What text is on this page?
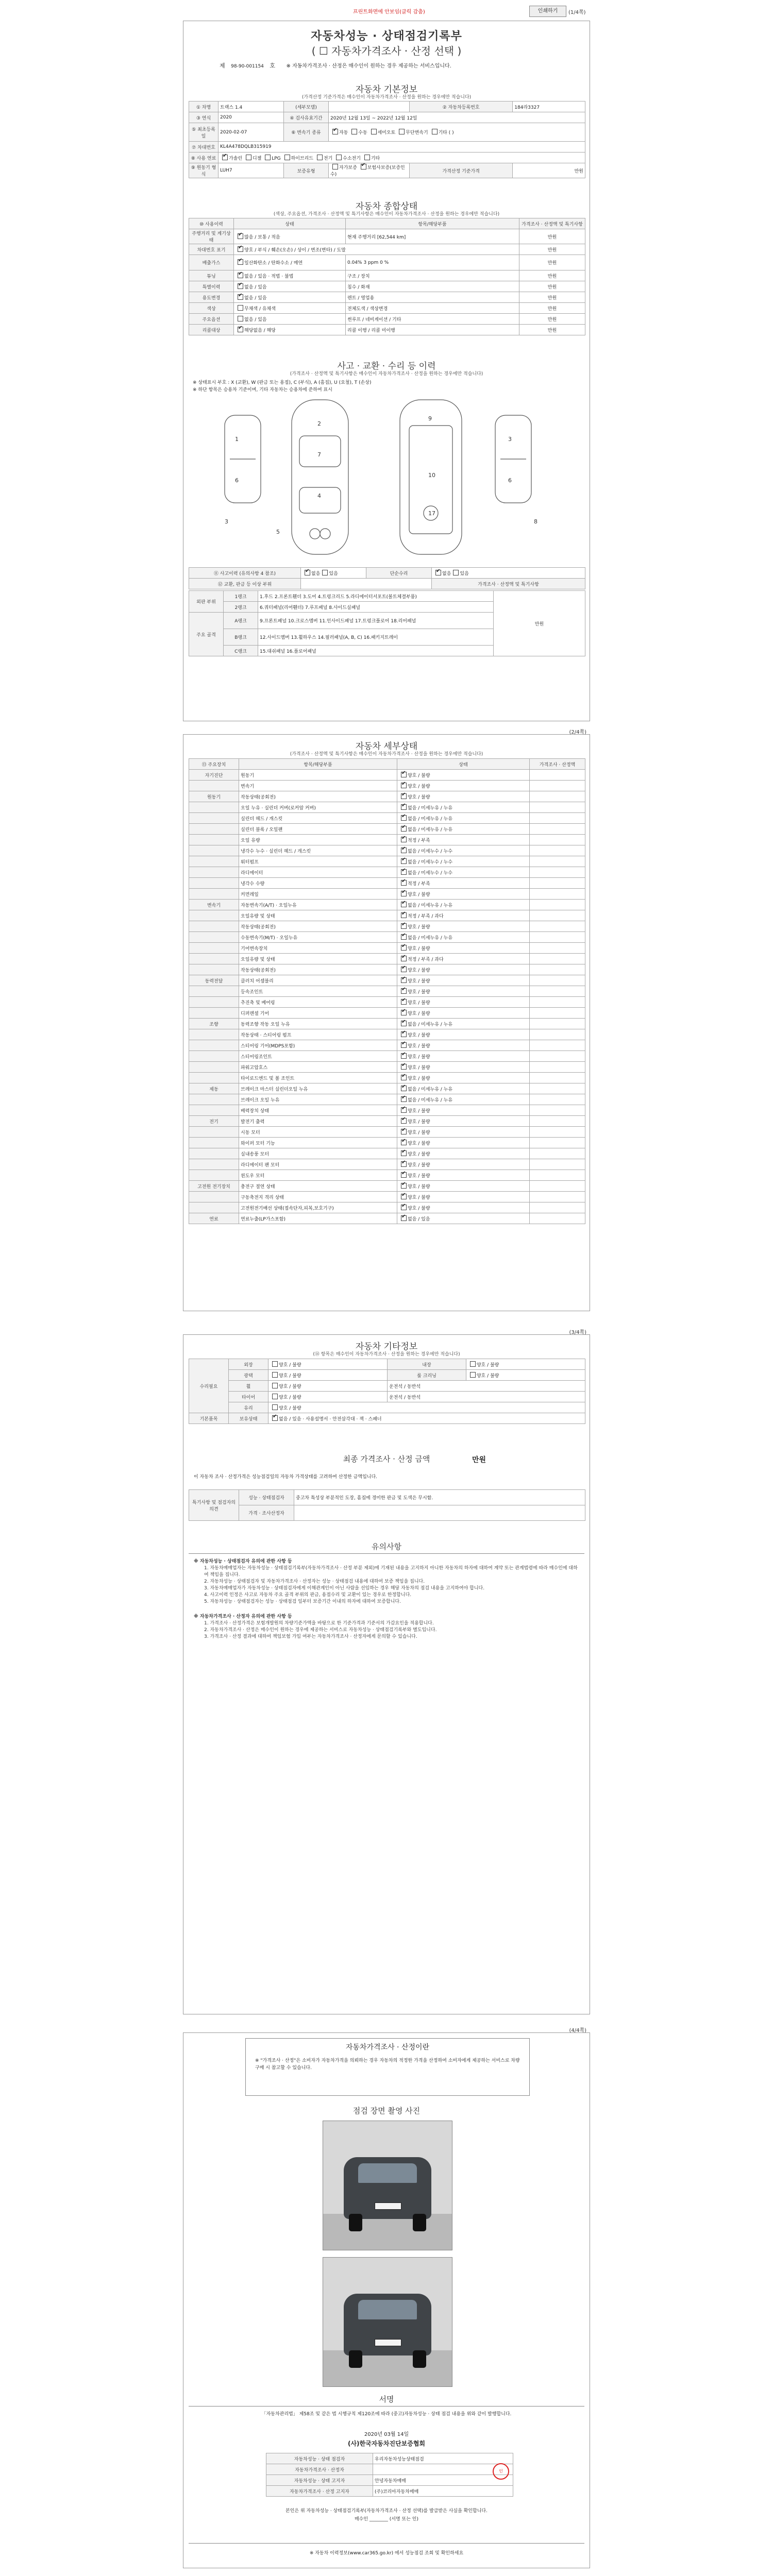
프린트화면에 안보임(클릭 감춤)	인쇄하기	(1/4쪽)
자동차성능 · 상태점검기록부
( ☐ 자동차가격조사 · 산정 선택 )
제 98-90-001154 호 ※ 자동차가격조사 · 산정은 매수인이 원하는 경우 제공하는 서비스입니다.
자동차 기본정보
(가격산정 기준가격은 매수인이 자동차가격조사 · 산정을 원하는 경우에만 적습니다)
① 차명	트랙스 1.4	(세부모델)		② 자동차등록번호	184라3327
③ 연식	2020	④ 검사유효기간	2020년 12월 13일 ~ 2022년 12월 12일		
⑤ 최초등록일	2020-02-07	⑥ 변속기 종류	✔자동 수동 세미오토 무단변속기 기타 ( )
⑦ 차대번호	KL4A478DQLB315919				
⑧ 사용 연료	✔가솔린 디젤 LPG 하이브리드 전기 수소전기 기타
⑨ 원동기 형식	LUH7	보증유형	자가보증 ✔ 보험사보증(보증인수)	가격산정 기준가격	만원
자동차 종합상태
(색상, 주요옵션, 가격조사 · 산정액 및 특기사항은 매수인이 자동차가격조사 · 산정을 원하는 경우에만 적습니다)
⑩ 사용이력	상태	항목/해당부품	가격조사 · 산정액 및 특기사항
주행거리 및 계기상태	✔많음 / 보통 / 적음	현재 주행거리 [62,544 km]	만원
차대번호 표기	✔양호 / 부식 / 훼손(오손) / 상이 / 변조(변타) / 도말		만원
배출가스	✔일산화탄소 / 탄화수소 / 매연	0.04% 3 ppm 0 %	만원
튜닝	✔없음 / 있음 · 적법 · 불법	구조 / 장치	만원
특별이력	✔없음 / 있음	침수 / 화재	만원
용도변경	✔없음 / 있음	렌트 / 영업용	만원
색상	무채색 / 유채색	전체도색 / 색상변경	만원
주요옵션	없음 / 있음	썬루프 / 네비게이션 / 기타	만원
리콜대상	✔해당없음 / 해당	리콜 이행 / 리콜 미이행	만원
사고 · 교환 · 수리 등 이력
(가격조사 · 산정액 및 특기사항은 매수인이 자동차가격조사 · 산정을 원하는 경우에만 적습니다)
※ 상태표시 부호 : X (교환), W (판금 또는 용접), C (부식), A (흠집), U (요철), T (손상)
※ 하단 항목은 승용차 기준이며, 기타 자동차는 승용차에 준하여 표시
1
6
2
7
4
9
10
17
3
6
3
5
8
⑪ 사고이력 (유의사항 4 참조)	✔없음 있음	단순수리	✔없음 있음
⑫ 교환, 판금 등 이상 부위			가격조사 · 산정액 및 특기사항
외판 부위	1랭크	1.후드 2.프론트휀더 3.도어 4.트렁크리드 5.라디에이터서포트(볼트체결부품)	만원
	2랭크	6.쿼터패널(리어휀더) 7.루프패널 8.사이드실패널	
주요 골격	A랭크	9.프론트패널 10.크로스멤버 11.인사이드패널 17.트렁크플로어 18.리어패널	
	B랭크	12.사이드멤버 13.휠하우스 14.필러패널(A, B, C) 16.패키지트레이	
	C랭크	15.대쉬패널 16.플로어패널	
(2/4쪽)
자동차 세부상태
(가격조사 · 산정액 및 특기사항은 매수인이 자동차가격조사 · 산정을 원하는 경우에만 적습니다)
⑬ 주요장치	항목/해당부품	상태	가격조사 · 산정액
자기진단	원동기	✔양호 / 불량	
	변속기	✔양호 / 불량	
원동기	작동상태(공회전)	✔양호 / 불량	
	오일 누유 · 실린더 커버(로커암 커버)	✔없음 / 미세누유 / 누유	
	실린더 헤드 / 개스킷	✔없음 / 미세누유 / 누유	
	실린더 블록 / 오일팬	✔없음 / 미세누유 / 누유	
	오일 유량	✔적정 / 부족	
	냉각수 누수 · 실린더 헤드 / 개스킷	✔없음 / 미세누수 / 누수	
	워터펌프	✔없음 / 미세누수 / 누수	
	라디에이터	✔없음 / 미세누수 / 누수	
	냉각수 수량	✔적정 / 부족	
	커먼레일	✔양호 / 불량	
변속기	자동변속기(A/T) · 오일누유	✔없음 / 미세누유 / 누유	
	오일유량 및 상태	✔적정 / 부족 / 과다	
	작동상태(공회전)	✔양호 / 불량	
	수동변속기(M/T) · 오일누유	✔없음 / 미세누유 / 누유	
	기어변속장치	✔양호 / 불량	
	오일유량 및 상태	✔적정 / 부족 / 과다	
	작동상태(공회전)	✔양호 / 불량	
동력전달	클러치 어셈블리	✔양호 / 불량	
	등속조인트	✔양호 / 불량	
	추진축 및 베어링	✔양호 / 불량	
	디퍼렌셜 기어	✔양호 / 불량	
조향	동력조향 작동 오일 누유	✔없음 / 미세누유 / 누유	
	작동상태 · 스티어링 펌프	✔양호 / 불량	
	스티어링 기어(MDPS포함)	✔양호 / 불량	
	스티어링조인트	✔양호 / 불량	
	파워고압호스	✔양호 / 불량	
	타이로드엔드 및 볼 조인트	✔양호 / 불량	
제동	브레이크 마스터 실린더오일 누유	✔없음 / 미세누유 / 누유	
	브레이크 오일 누유	✔없음 / 미세누유 / 누유	
	배력장치 상태	✔양호 / 불량	
전기	발전기 출력	✔양호 / 불량	
	시동 모터	✔양호 / 불량	
	와이퍼 모터 기능	✔양호 / 불량	
	실내송풍 모터	✔양호 / 불량	
	라디에이터 팬 모터	✔양호 / 불량	
	윈도우 모터	✔양호 / 불량	
고전원 전기장치	충전구 절연 상태	✔양호 / 불량	
	구동축전지 격리 상태	✔양호 / 불량	
	고전원전기배선 상태(접속단자,피복,보호기구)	✔양호 / 불량	
연료	연료누출(LP가스포함)	✔없음 / 있음	
(3/4쪽)
자동차 기타정보
(⑭ 항목은 매수인이 자동차가격조사 · 산정을 원하는 경우에만 적습니다)
수리필요	외장	양호 / 불량	내장	양호 / 불량
	광택	양호 / 불량	룸 크리닝	양호 / 불량
	휠	양호 / 불량	운전석 / 동반석	
	타이어	양호 / 불량	운전석 / 동반석	
	유리	양호 / 불량		
기본품목	보유상태	✔없음 / 있음 · 사용설명서 · 안전삼각대 · 잭 · 스패너
최종 가격조사 · 산정 금액	만원
이 자동차 조사 · 산정가격은 성능점검일의 자동차 가격상태를 고려하여 산정한 금액입니다.
특기사항 및 점검자의 의견	성능 · 상태점검자	중고차 특성상 부분적인 도장, 흠집에 경미한 판금 및 도색은 무시함.
	가격 · 조사산정자	
유의사항
※ 자동차성능 · 상태점검자 유의에 관한 사항 등
1. 자동차매매업자는 자동차성능 · 상태점검기록부(자동차가격조사 · 산정 부분 제외)에 기재된 내용을 고지하지 아니한 자동차의 하자에 대하여 계약 또는 관계법령에 따라 매수인에 대하여 책임을 집니다.
2. 자동차성능 · 상태점검자 및 자동차가격조사 · 산정자는 성능 · 상태점검 내용에 대하여 보증 책임을 집니다.
3. 자동차매매업자가 자동차성능 · 상태점검자에게 이해관계인이 아닌 사람을 선임하는 경우 해당 자동차의 점검 내용을 고지하여야 합니다.
4. 사고이력 인정은 사고로 자동차 주요 골격 부위의 판금, 용접수리 및 교환이 있는 경우로 한정합니다.
5. 자동차성능 · 상태점검자는 성능 · 상태점검 일부터 보증기간 이내의 하자에 대하여 보증합니다.
※ 자동차가격조사 · 산정자 유의에 관한 사항 등
1. 가격조사 · 산정가격은 보험개발원의 차량기준가액을 바탕으로 한 기준가격과 기준서의 가감요인을 적용합니다.
2. 자동차가격조사 · 산정은 매수인이 원하는 경우에 제공하는 서비스로 자동차성능 · 상태점검기록부와 별도입니다.
3. 가격조사 · 산정 결과에 대하여 책임보험 가입 여부는 자동차가격조사 · 산정자에게 문의할 수 있습니다.
(4/4쪽)
자동차가격조사 · 산정이란
※ "가격조사 · 산정"은 소비자가 자동차가격을 의뢰하는 경우 자동차의 적정한 가격을 산정하여 소비자에게 제공하는 서비스로 차량 구매 시 참고할 수 있습니다.
점검 장면 촬영 사진
서명
「자동차관리법」 제58조 및 같은 법 시행규칙 제120조에 따라 (중고)자동차성능 · 상태 점검 내용을 위와 같이 발행합니다.
2020년 03월 14일
(사)한국자동차진단보증협회
자동차성능 · 상태 점검자	우리자동차성능상태점검
자동차가격조사 · 산정자	
자동차성능 · 상태 고지자	안녕자동차매매
자동차가격조사 · 산정 고지자	(주)코리아자동차매매
인
본인은 위 자동차성능 · 상태점검기록부(자동차가격조사 · 산정 선택)를 발급받은 사실을 확인합니다.
매수인 ________ (서명 또는 인)
※ 자동차 이력정보(www.car365.go.kr) 에서 성능점검 조회 및 확인하세요
